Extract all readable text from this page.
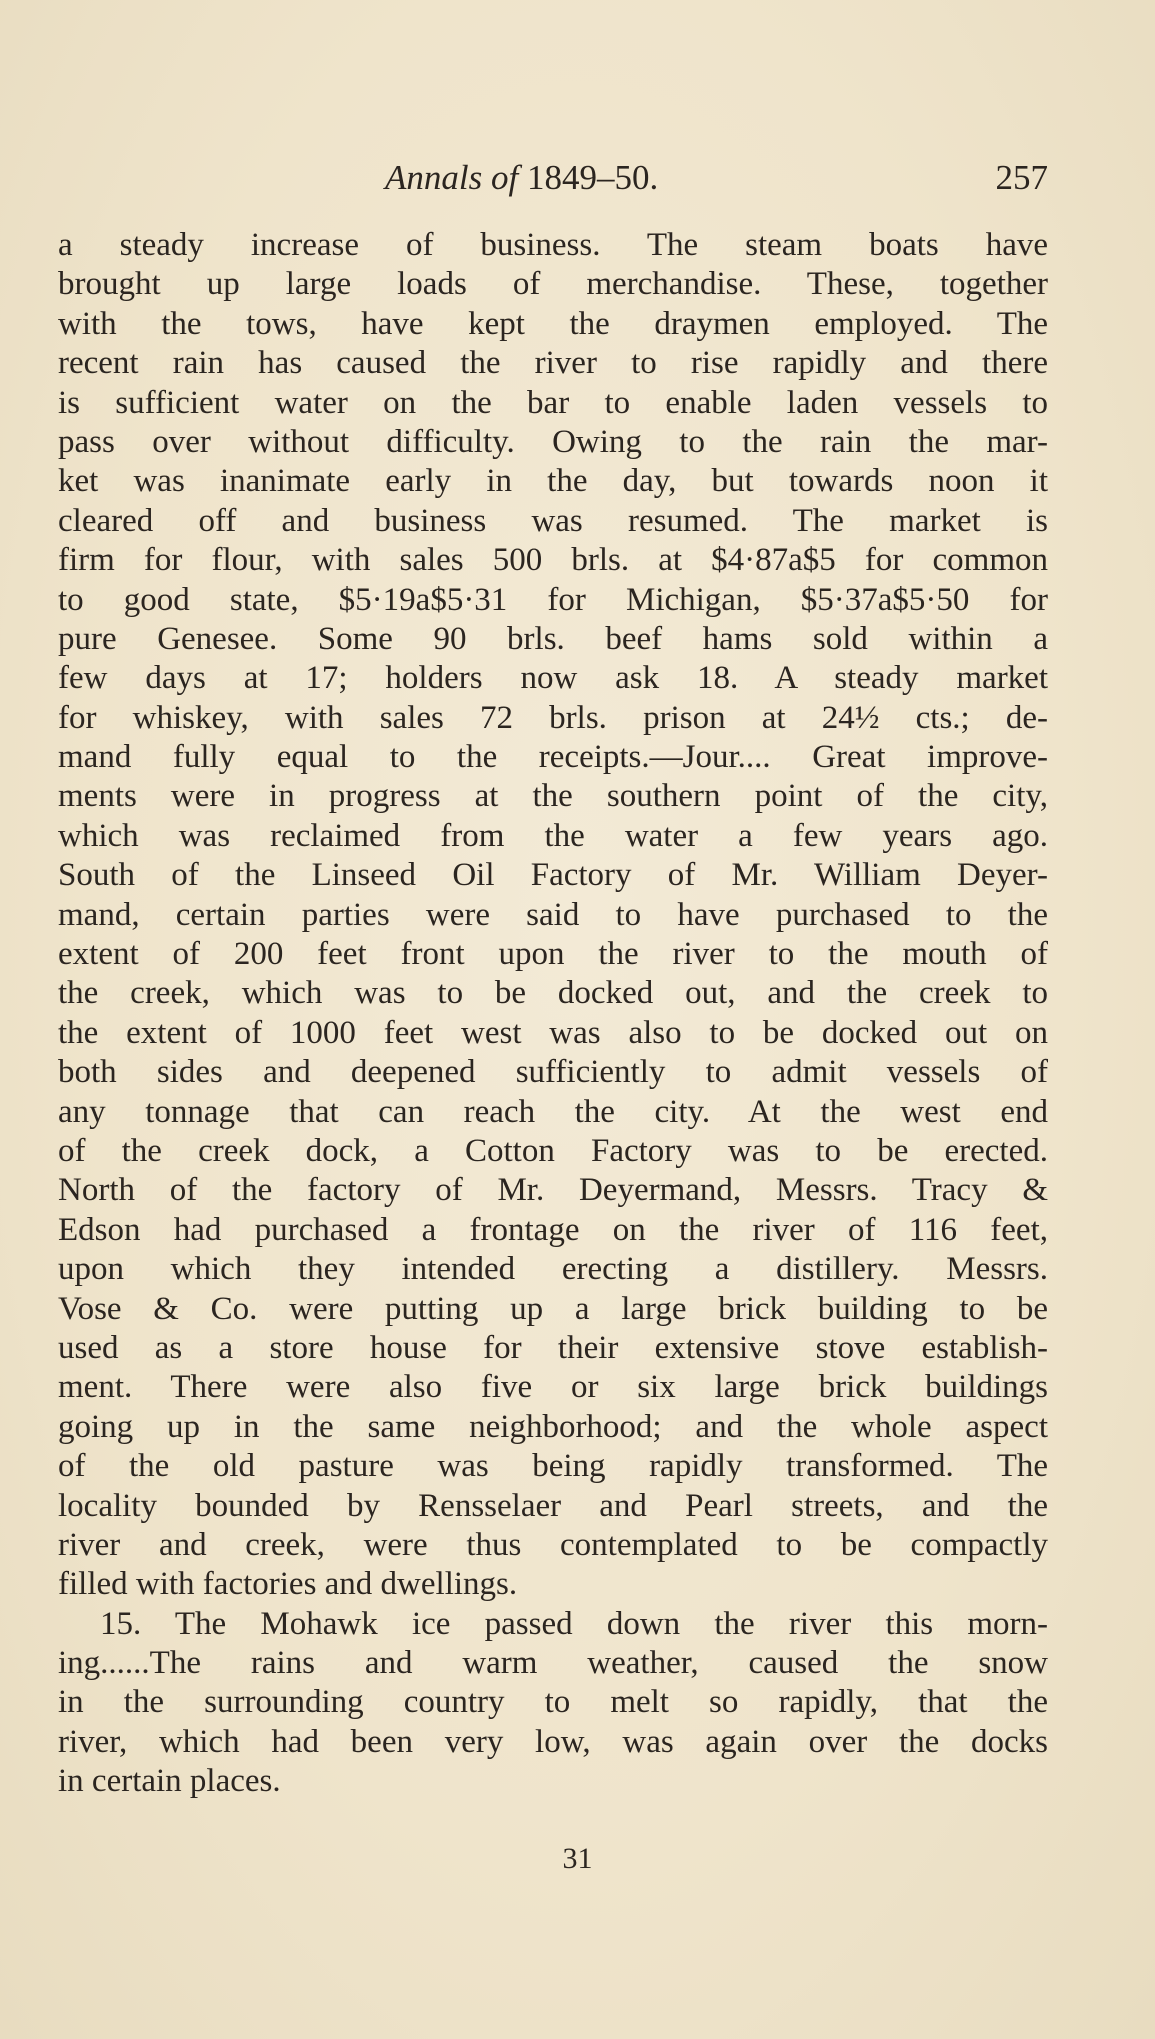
Annals of 1849–50.	257
a steady increase of business. The steam boats have
brought up large loads of merchandise. These, together
with the tows, have kept the draymen employed. The
recent rain has caused the river to rise rapidly and there
is sufficient water on the bar to enable laden vessels to
pass over without difficulty. Owing to the rain the mar-
ket was inanimate early in the day, but towards noon it
cleared off and business was resumed. The market is
firm for flour, with sales 500 brls. at $4·87a$5 for common
to good state, $5·19a$5·31 for Michigan, $5·37a$5·50 for
pure Genesee. Some 90 brls. beef hams sold within a
few days at 17; holders now ask 18. A steady market
for whiskey, with sales 72 brls. prison at 24½ cts.; de-
mand fully equal to the receipts.—Jour.... Great improve-
ments were in progress at the southern point of the city,
which was reclaimed from the water a few years ago.
South of the Linseed Oil Factory of Mr. William Deyer-
mand, certain parties were said to have purchased to the
extent of 200 feet front upon the river to the mouth of
the creek, which was to be docked out, and the creek to
the extent of 1000 feet west was also to be docked out on
both sides and deepened sufficiently to admit vessels of
any tonnage that can reach the city. At the west end
of the creek dock, a Cotton Factory was to be erected.
North of the factory of Mr. Deyermand, Messrs. Tracy &
Edson had purchased a frontage on the river of 116 feet,
upon which they intended erecting a distillery. Messrs.
Vose & Co. were putting up a large brick building to be
used as a store house for their extensive stove establish-
ment. There were also five or six large brick buildings
going up in the same neighborhood; and the whole aspect
of the old pasture was being rapidly transformed. The
locality bounded by Rensselaer and Pearl streets, and the
river and creek, were thus contemplated to be compactly
filled with factories and dwellings.
15. The Mohawk ice passed down the river this morn-
ing......The rains and warm weather, caused the snow
in the surrounding country to melt so rapidly, that the
river, which had been very low, was again over the docks
in certain places.
31
